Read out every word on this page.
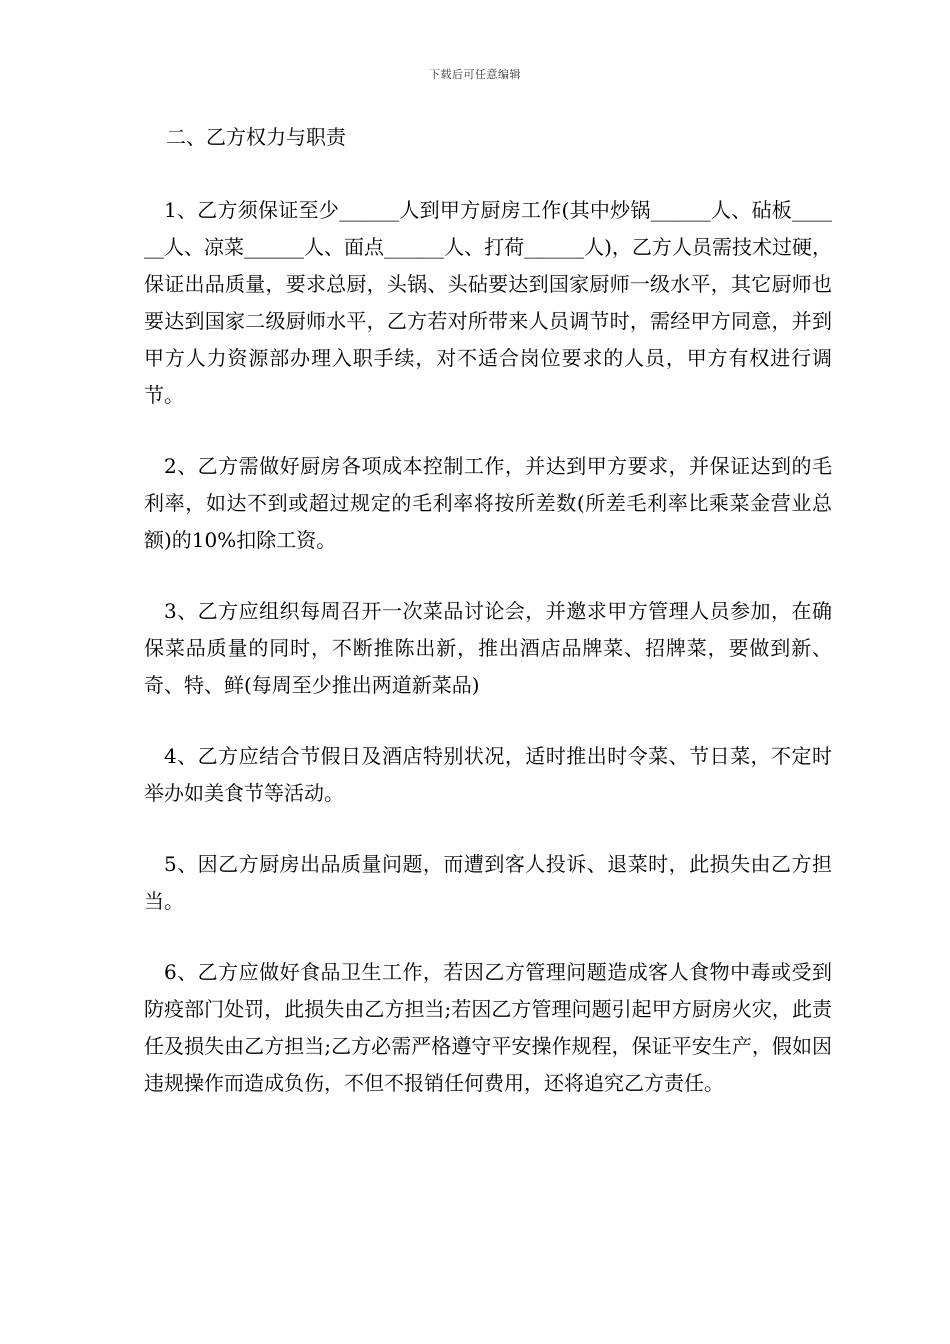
下载后可任意编辑
二、乙方权力与职责

1、乙方须保证至少______人到甲方厨房工作(其中炒锅______人、砧板______人、凉菜______人、面点______人、打荷______人)，乙方人员需技术过硬，保证出品质量，要求总厨，头锅、头砧要达到国家厨师一级水平，其它厨师也要达到国家二级厨师水平，乙方若对所带来人员调节时，需经甲方同意，并到甲方人力资源部办理入职手续，对不适合岗位要求的人员，甲方有权进行调节。

2、乙方需做好厨房各项成本控制工作，并达到甲方要求，并保证达到的毛利率，如达不到或超过规定的毛利率将按所差数(所差毛利率比乘菜金营业总额)的10%扣除工资。

3、乙方应组织每周召开一次菜品讨论会，并邀求甲方管理人员参加，在确保菜品质量的同时，不断推陈出新，推出酒店品牌菜、招牌菜，要做到新、奇、特、鲜(每周至少推出两道新菜品)

4、乙方应结合节假日及酒店特别状况，适时推出时令菜、节日菜，不定时举办如美食节等活动。

5、因乙方厨房出品质量问题，而遭到客人投诉、退菜时，此损失由乙方担当。

6、乙方应做好食品卫生工作，若因乙方管理问题造成客人食物中毒或受到防疫部门处罚，此损失由乙方担当;若因乙方管理问题引起甲方厨房火灾，此责任及损失由乙方担当;乙方必需严格遵守平安操作规程，保证平安生产，假如因违规操作而造成负伤，不但不报销任何费用，还将追究乙方责任。
